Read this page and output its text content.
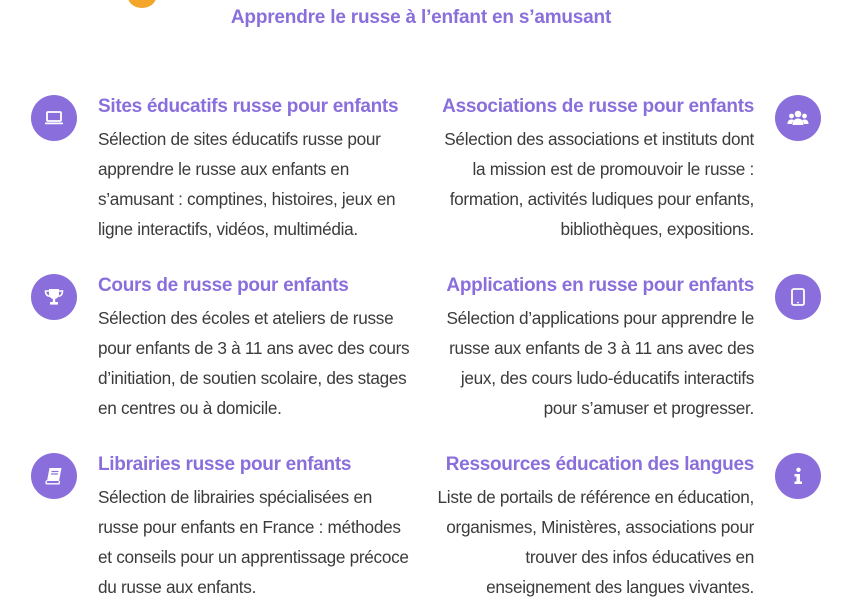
Apprendre le russe à l’enfant en s’amusant
Sites éducatifs russe pour enfants
Sélection de sites éducatifs russe pour apprendre le russe aux enfants en s’amusant : comptines, histoires, jeux en ligne interactifs, vidéos, multimédia.
Associations de russe pour enfants
Sélection des associations et instituts dont la mission est de promouvoir le russe : formation, activités ludiques pour enfants, bibliothèques, expositions.
Cours de russe pour enfants
Sélection des écoles et ateliers de russe pour enfants de 3 à 11 ans avec des cours d’initiation, de soutien scolaire, des stages en centres ou à domicile.
Applications en russe pour enfants
Sélection d’applications pour apprendre le russe aux enfants de 3 à 11 ans avec des jeux, des cours ludo-éducatifs interactifs pour s’amuser et progresser.
Librairies russe pour enfants
Sélection de librairies spécialisées en russe pour enfants en France : méthodes et conseils pour un apprentissage précoce du russe aux enfants.
Ressources éducation des langues
Liste de portails de référence en éducation, organismes, Ministères, associations pour trouver des infos éducatives en enseignement des langues vivantes.
